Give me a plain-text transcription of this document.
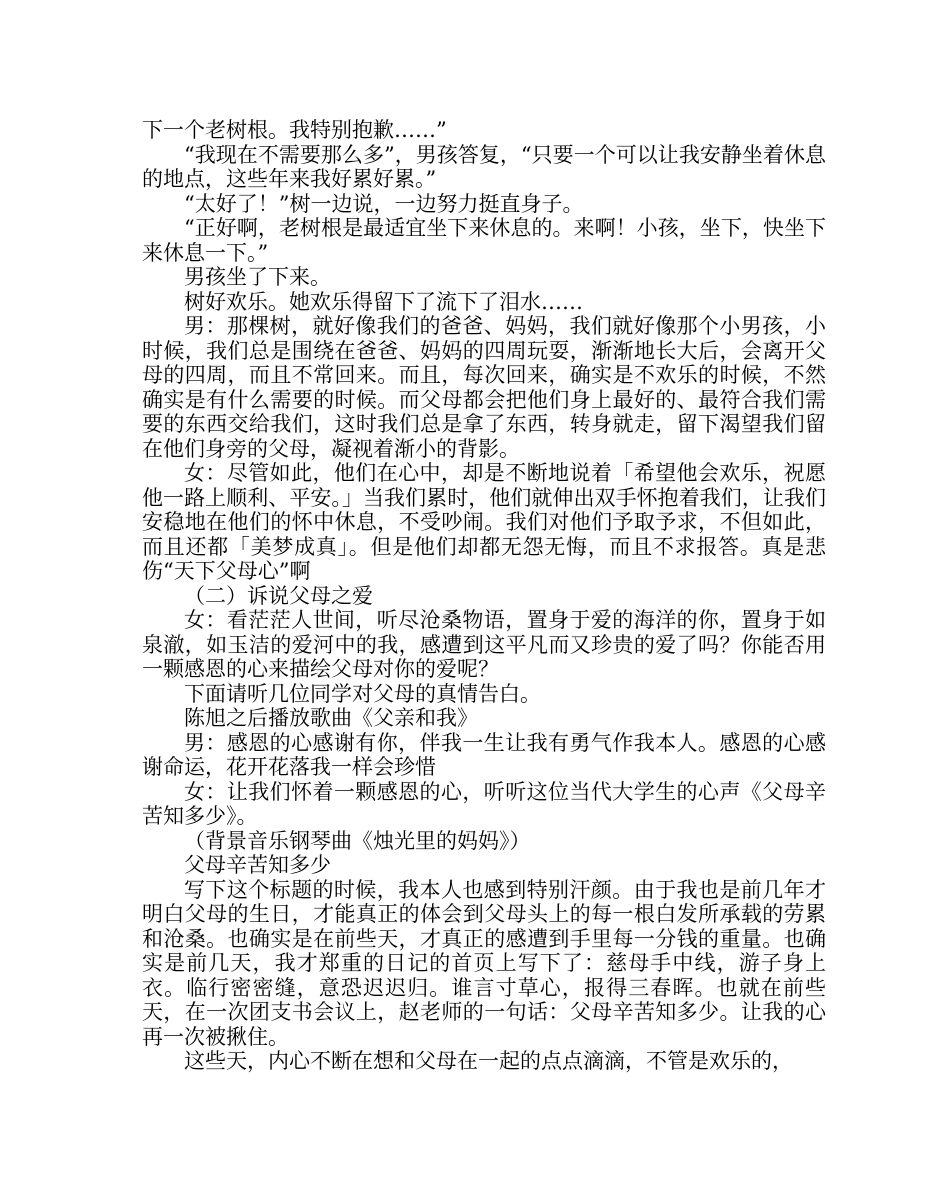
下一个老树根。我特别抱歉……”

“我现在不需要那么多”，男孩答复，“只要一个可以让我安静坐着休息的地点，这些年来我好累好累。”

“太好了！”树一边说，一边努力挺直身子。

“正好啊，老树根是最适宜坐下来休息的。来啊！小孩，坐下，快坐下来休息一下。”

男孩坐了下来。

树好欢乐。她欢乐得留下了流下了泪水……

男：那棵树，就好像我们的爸爸、妈妈，我们就好像那个小男孩，小时候，我们总是围绕在爸爸、妈妈的四周玩耍，渐渐地长大后，会离开父母的四周，而且不常回来。而且，每次回来，确实是不欢乐的时候，不然确实是有什么需要的时候。而父母都会把他们身上最好的、最符合我们需要的东西交给我们，这时我们总是拿了东西，转身就走，留下渴望我们留在他们身旁的父母，凝视着渐小的背影。

女：尽管如此，他们在心中，却是不断地说着「希望他会欢乐，祝愿他一路上顺利、平安。」当我们累时，他们就伸出双手怀抱着我们，让我们安稳地在他们的怀中休息，不受吵闹。我们对他们予取予求，不但如此，而且还都「美梦成真」。但是他们却都无怨无悔，而且不求报答。真是悲伤“天下父母心”啊

（二）诉说父母之爱

女：看茫茫人世间，听尽沧桑物语，置身于爱的海洋的你，置身于如泉澈，如玉洁的爱河中的我，感遭到这平凡而又珍贵的爱了吗？你能否用一颗感恩的心来描绘父母对你的爱呢？

下面请听几位同学对父母的真情告白。

陈旭之后播放歌曲《父亲和我》

男：感恩的心感谢有你，伴我一生让我有勇气作我本人。感恩的心感谢命运，花开花落我一样会珍惜

女：让我们怀着一颗感恩的心，听听这位当代大学生的心声《父母辛苦知多少》。

（背景音乐钢琴曲《烛光里的妈妈》）

父母辛苦知多少

写下这个标题的时候，我本人也感到特别汗颜。由于我也是前几年才明白父母的生日，才能真正的体会到父母头上的每一根白发所承载的劳累和沧桑。也确实是在前些天，才真正的感遭到手里每一分钱的重量。也确实是前几天，我才郑重的日记的首页上写下了：慈母手中线，游子身上衣。临行密密缝，意恐迟迟归。谁言寸草心，报得三春晖。也就在前些天，在一次团支书会议上，赵老师的一句话：父母辛苦知多少。让我的心再一次被揪住。

这些天，内心不断在想和父母在一起的点点滴滴，不管是欢乐的，
